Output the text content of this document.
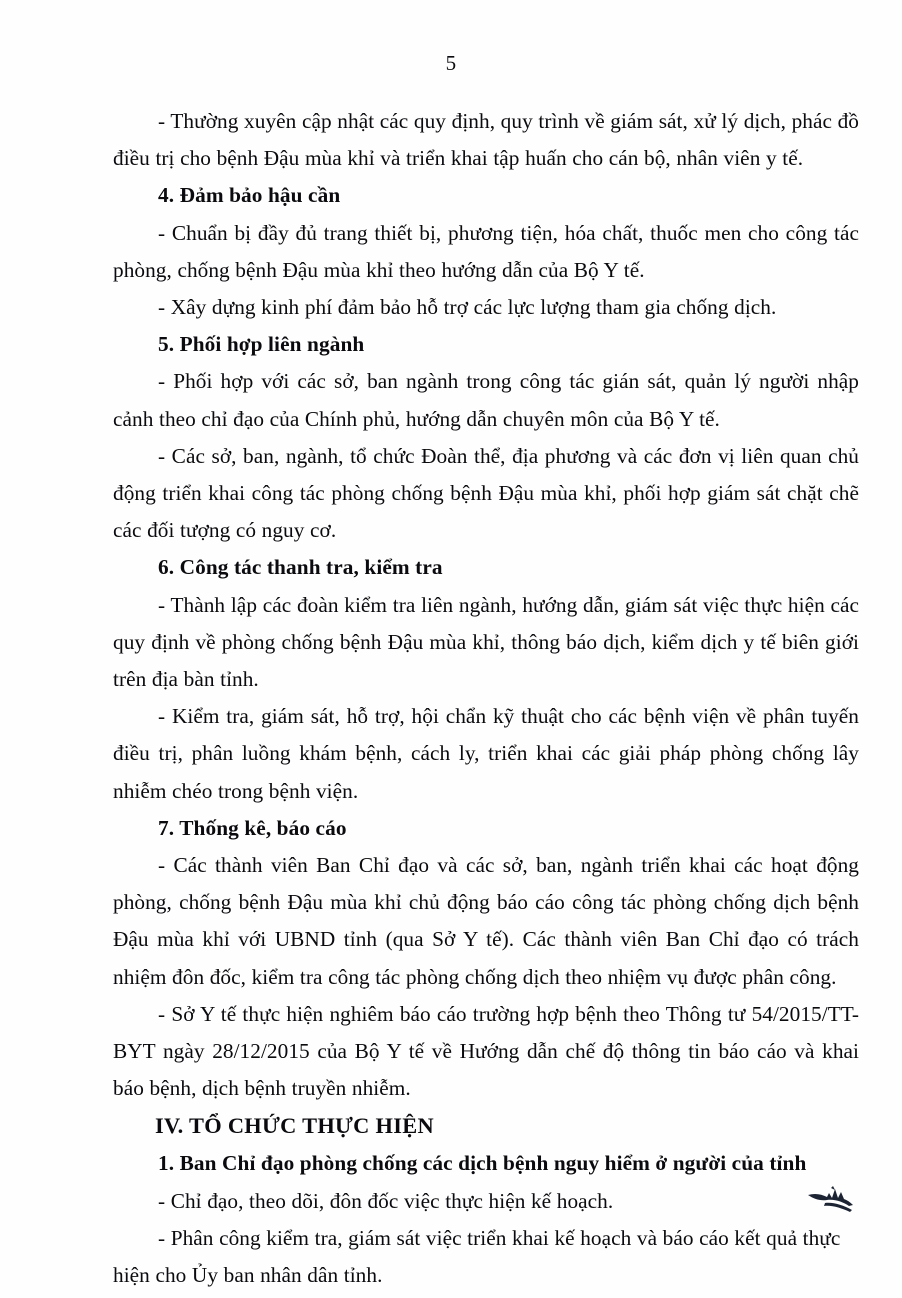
5

- Thường xuyên cập nhật các quy định, quy trình về giám sát, xử lý dịch, phác đồ điều trị cho bệnh Đậu mùa khỉ và triển khai tập huấn cho cán bộ, nhân viên y tế.

4. Đảm bảo hậu cần

- Chuẩn bị đầy đủ trang thiết bị, phương tiện, hóa chất, thuốc men cho công tác phòng, chống bệnh Đậu mùa khỉ theo hướng dẫn của Bộ Y tế.

- Xây dựng kinh phí đảm bảo hỗ trợ các lực lượng tham gia chống dịch.

5. Phối hợp liên ngành

- Phối hợp với các sở, ban ngành trong công tác gián sát, quản lý người nhập cảnh theo chỉ đạo của Chính phủ, hướng dẫn chuyên môn của Bộ Y tế.

- Các sở, ban, ngành, tổ chức Đoàn thể, địa phương và các đơn vị liên quan chủ động triển khai công tác phòng chống bệnh Đậu mùa khỉ, phối hợp giám sát chặt chẽ các đối tượng có nguy cơ.

6. Công tác thanh tra, kiểm tra

- Thành lập các đoàn kiểm tra liên ngành, hướng dẫn, giám sát việc thực hiện các quy định về phòng chống bệnh Đậu mùa khỉ, thông báo dịch, kiểm dịch y tế biên giới trên địa bàn tỉnh.

- Kiểm tra, giám sát, hỗ trợ, hội chẩn kỹ thuật cho các bệnh viện về phân tuyến điều trị, phân luồng khám bệnh, cách ly, triển khai các giải pháp phòng chống lây nhiễm chéo trong bệnh viện.

7. Thống kê, báo cáo

- Các thành viên Ban Chỉ đạo và các sở, ban, ngành triển khai các hoạt động phòng, chống bệnh Đậu mùa khỉ chủ động báo cáo công tác phòng chống dịch bệnh Đậu mùa khỉ với UBND tỉnh (qua Sở Y tế). Các thành viên Ban Chỉ đạo có trách nhiệm đôn đốc, kiểm tra công tác phòng chống dịch theo nhiệm vụ được phân công.

- Sở Y tế thực hiện nghiêm báo cáo trường hợp bệnh theo Thông tư 54/2015/TT- BYT ngày 28/12/2015 của Bộ Y tế về Hướng dẫn chế độ thông tin báo cáo và khai báo bệnh, dịch bệnh truyền nhiễm.

IV. TỔ CHỨC THỰC HIỆN
1. Ban Chỉ đạo phòng chống các dịch bệnh nguy hiểm ở người của tỉnh

- Chỉ đạo, theo dõi, đôn đốc việc thực hiện kế hoạch.

- Phân công kiểm tra, giám sát việc triển khai kế hoạch và báo cáo kết quả thực hiện cho Ủy ban nhân dân tỉnh.
